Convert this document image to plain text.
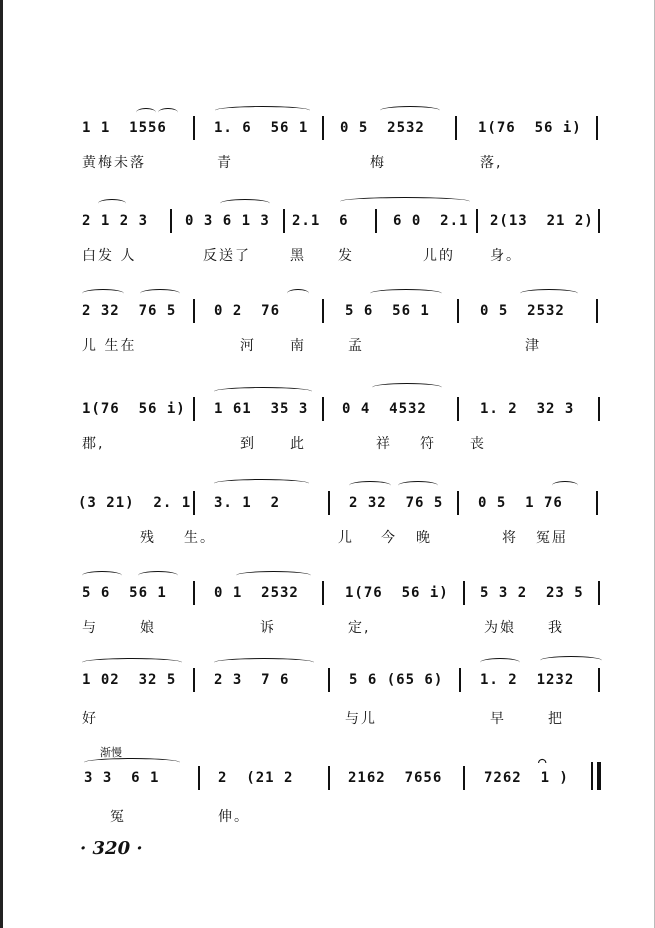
1 1  1556	1. 6  56 1 0 5  2532	1(76  56 i)
黄梅未落	青	梅	落,
2 1 2 3	0 3 6 1 3 2.1  6	6 0  2.1 2(13  21 2)
白发 人	反送了	黑 发	儿的	身。
2 32  76 5	0 2  76	5 6  56 1	0 5  2532
儿 生在	河 南	孟	津
1(76  56 i) 1 61  35 3 0 4  4532	1. 2  32 3
郡,	到 此	祥 符 丧
(3 21)  2. 1 3. 1  2	2 32  76 5 0 5  1 76
残 生。	儿 今 晚	将 冤屈
5 6  56 1	0 1  2532	1(76  56 i) 5 3 2  23 5
与	娘	诉	定,	为娘 我
1 02  32 5	2 3  7 6	5 6 (65 6)	1. 2  1232
好	与儿	早	把
渐慢
3 3  6 1	2  (21 2	2162  7656	7262  1 )
⌒
冤	伸。
· 320 ·
